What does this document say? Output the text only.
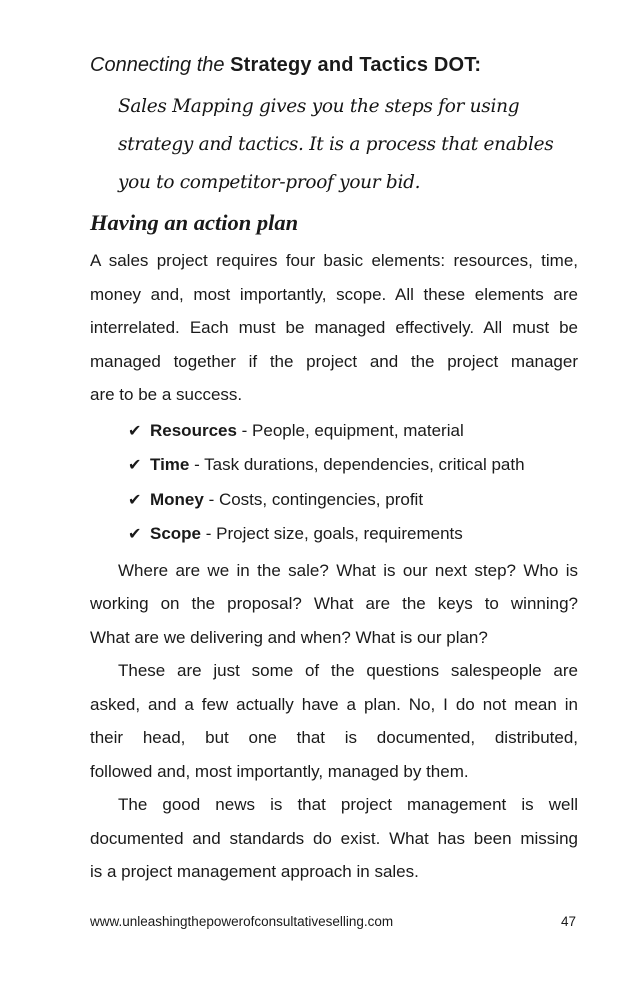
Connecting the Strategy and Tactics DOT:

Sales Mapping gives you the steps for using
strategy and tactics. It is a process that enables
you to competitor-proof your bid.
Having an action plan

A sales project requires four basic elements: resources, time,
money and, most importantly, scope. All these elements are
interrelated. Each must be managed effectively. All must be
managed together if the project and the project manager
are to be a success.

✔ Resources - People, equipment, material
✔ Time - Task durations, dependencies, critical path
✔ Money - Costs, contingencies, profit
✔ Scope - Project size, goals, requirements

Where are we in the sale? What is our next step? Who is
working on the proposal? What are the keys to winning?
What are we delivering and when? What is our plan?

These are just some of the questions salespeople are
asked, and a few actually have a plan. No, I do not mean in
their head, but one that is documented, distributed,
followed and, most importantly, managed by them.

The good news is that project management is well
documented and standards do exist. What has been missing
is a project management approach in sales.

www.unleashingthepowerofconsultativeselling.com	47
